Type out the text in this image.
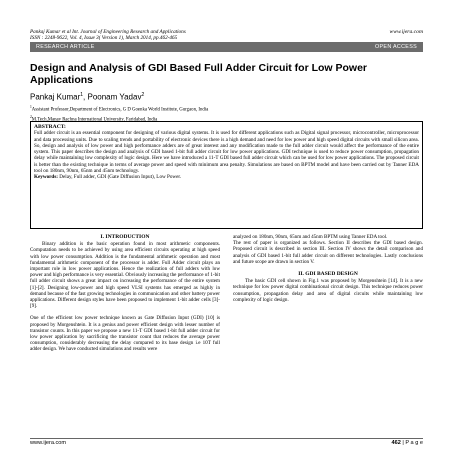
Pankaj Kumar et al Int. Journal of Engineering Research and Applications
ISSN : 2248-9622, Vol. 4, Issue 3( Version 1), March 2014, pp.462-465
www.ijera.com
RESEARCH ARTICLE	OPEN ACCESS
Design and Analysis of GDI Based Full Adder Circuit for Low Power Applications
Pankaj Kumar$^1$, Poonam Yadav$^2$
$^1$Assistant Professor,Department of Electronics, G D Goenka World Institute, Gurgaon, India
$^2$M.Tech,Manav Rachna International University, Faridabad, India
ABSTRACT:
Full adder circuit is an essential component for designing of various digital systems. It is used for different applications such as Digital signal processor, microcontroller, microprocessor and data processing units. Due to scaling trends and portability of electronic devices there is a high demand and need for low power and high speed digital circuits with small silicon area. So, design and analysis of low power and high performance adders are of great interest and any modification made to the full adder circuit would affect the performance of the entire system. This paper describes the design and analysis of GDI based 1-bit full adder circuit for low power applications. GDI technique is used to reduce power consumption, propagation delay while maintaining low complexity of logic design. Here we have introduced a 11-T GDI based full adder circuit which can be used for low power applications. The proposed circuit is better than the existing technique in terms of average power and speed with minimum area penalty. Simulations are based on BPTM model and have been carried out by Tanner EDA tool on 180nm, 90nm, 65nm and 45nm technology.
Keywords: Delay, Full adder, GDI (Gate Diffusion Input), Low Power.
I. INTRODUCTION

Binary addition is the basic operation found in most arithmetic components. Computation needs to be achieved by using area efficient circuits operating at high speed with low power consumption. Addition is the fundamental arithmetic operation and most fundamental arithmetic component of the processor is adder. Full Adder circuit plays an important role in low power applications. Hence the realization of full adders with low power and high performance is very essential. Obviously increasing the performance of 1-bit full adder circuit shows a great impact on increasing the performance of the entire system [1]-[2]. Designing low-power and high speed VLSI systems has emerged as highly in demand because of the fast growing technologies in communication and other battery power applications. Different design styles have been proposed to implement 1-bit adder cells [3]-[9].

One of the efficient low power technique known as Gate Diffusion Input (GDI) [10] is proposed by Morgenshtein. It is a genius and power efficient design with lesser number of transistor counts. In this paper we propose a new 11-T GDI based 1-bit full adder circuit for low power application by sacrificing the transistor count that reduces the average power consumption, considerably decreasing the delay compared to its base design i.e 10T full adder design. We have conducted simulations and results were

analyzed on 180nm, 90nm, 65nm and 45nm BPTM using Tanner EDA tool.

The rest of paper is organized as follows. Section II describes the GDI based design. Proposed circuit is described in section III. Section IV shows the detail comparison and analysis of GDI based 1-bit full adder circuit on different technologies. Lastly conclusions and future scope are drawn in section V.

II. GDI BASED DESIGN

The basic GDI cell shown in Fig.1 was proposed by Morgenshtein [14]. It is a new technique for low power digital combinational circuit design. This technique reduces power consumption, propagation delay and area of digital circuits while maintaining low complexity of logic design.

www.ijera.com	462 | P a g e
